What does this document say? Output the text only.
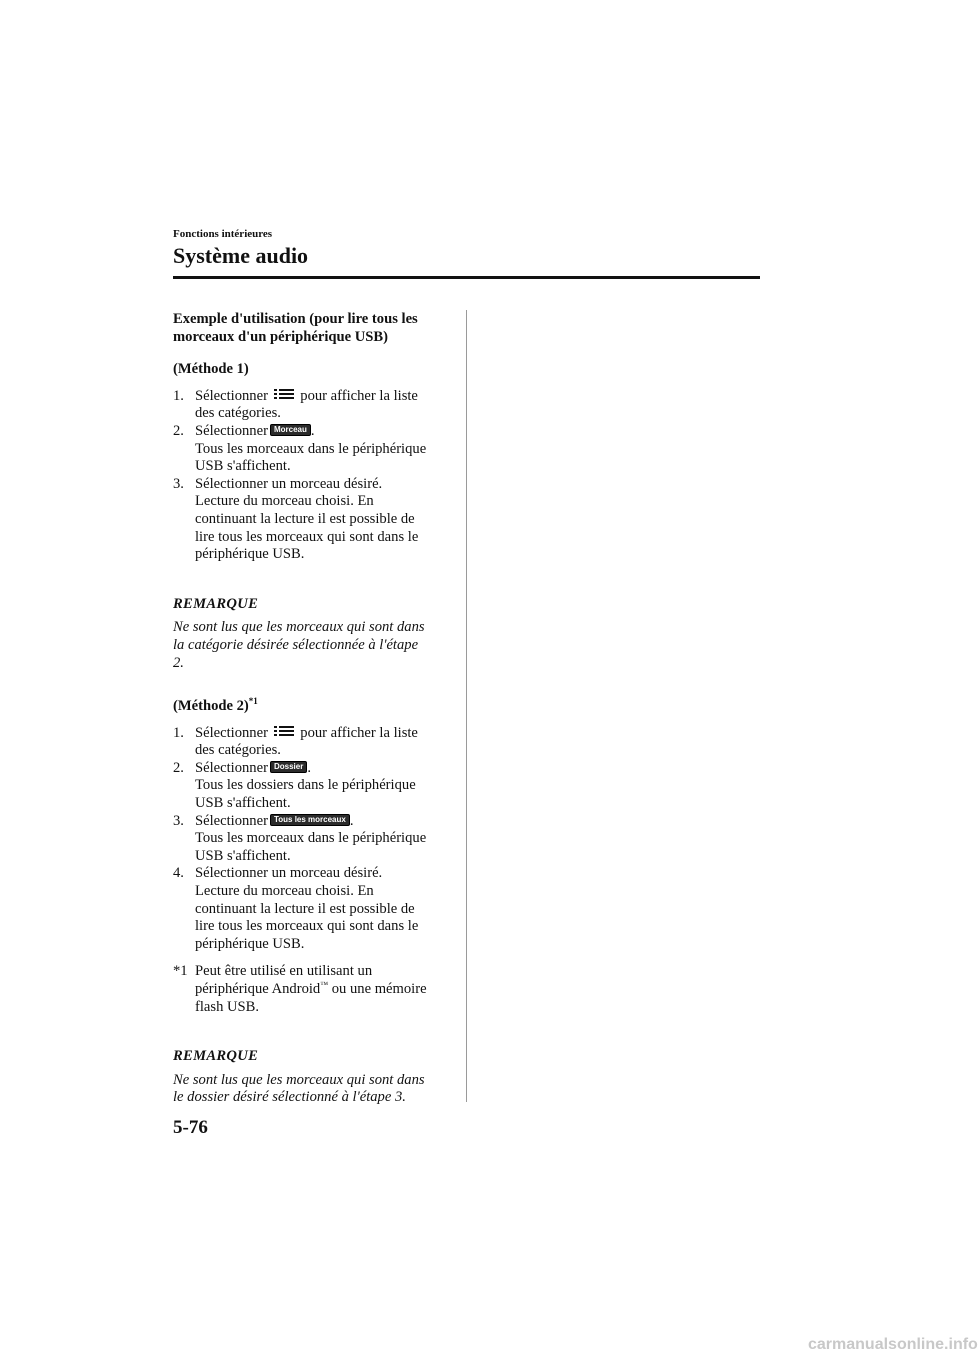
Fonctions intérieures
Système audio

Exemple d'utilisation (pour lire tous les
morceaux d'un périphérique USB)

(Méthode 1)

1. Sélectionner pour afficher la liste
des catégories.
2. Sélectionner Morceau .
Tous les morceaux dans le périphérique
USB s'affichent.
3. Sélectionner un morceau désiré.
Lecture du morceau choisi. En
continuant la lecture il est possible de
lire tous les morceaux qui sont dans le
périphérique USB.

REMARQUE

Ne sont lus que les morceaux qui sont dans
la catégorie désirée sélectionnée à l'étape
2.

(Méthode 2)$^{*1}$

1. Sélectionner pour afficher la liste
des catégories.
2. Sélectionner Dossier .
Tous les dossiers dans le périphérique
USB s'affichent.
3. Sélectionner Tous les morceaux .
Tous les morceaux dans le périphérique
USB s'affichent.
4. Sélectionner un morceau désiré.
Lecture du morceau choisi. En
continuant la lecture il est possible de
lire tous les morceaux qui sont dans le
périphérique USB.

*1 Peut être utilisé en utilisant un
périphérique Android™ ou une mémoire
flash USB.

REMARQUE

Ne sont lus que les morceaux qui sont dans
le dossier désiré sélectionné à l'étape 3.

5-76

carmanualsonline.info
